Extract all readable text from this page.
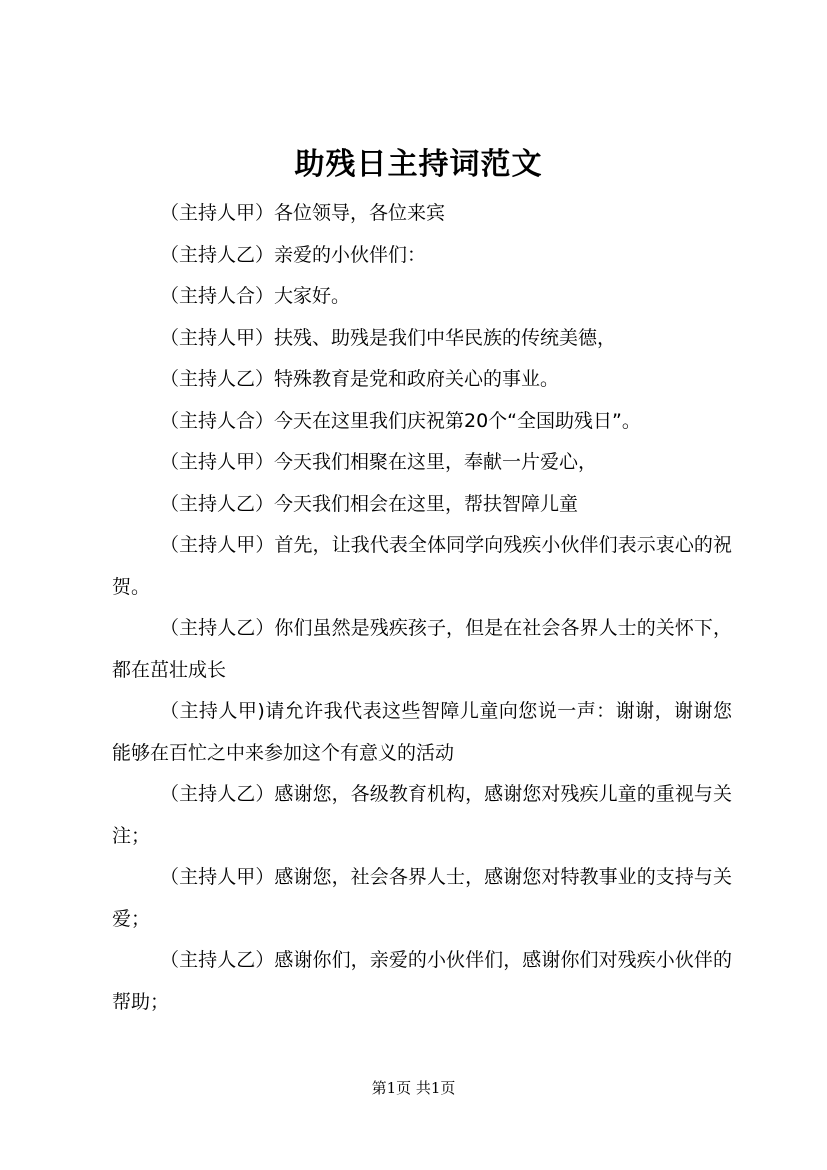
助残日主持词范文

（主持人甲）各位领导，各位来宾

（主持人乙）亲爱的小伙伴们：

（主持人合）大家好。

（主持人甲）扶残、助残是我们中华民族的传统美德，

（主持人乙）特殊教育是党和政府关心的事业。

（主持人合）今天在这里我们庆祝第20个“全国助残日”。

（主持人甲）今天我们相聚在这里，奉献一片爱心，

（主持人乙）今天我们相会在这里，帮扶智障儿童

（主持人甲）首先，让我代表全体同学向残疾小伙伴们表示衷心的祝贺。

（主持人乙）你们虽然是残疾孩子，但是在社会各界人士的关怀下，都在茁壮成长

（主持人甲)请允许我代表这些智障儿童向您说一声：谢谢，谢谢您能够在百忙之中来参加这个有意义的活动

（主持人乙）感谢您，各级教育机构，感谢您对残疾儿童的重视与关注；

（主持人甲）感谢您，社会各界人士，感谢您对特教事业的支持与关爱；

（主持人乙）感谢你们，亲爱的小伙伴们，感谢你们对残疾小伙伴的帮助；

第1页 共1页
